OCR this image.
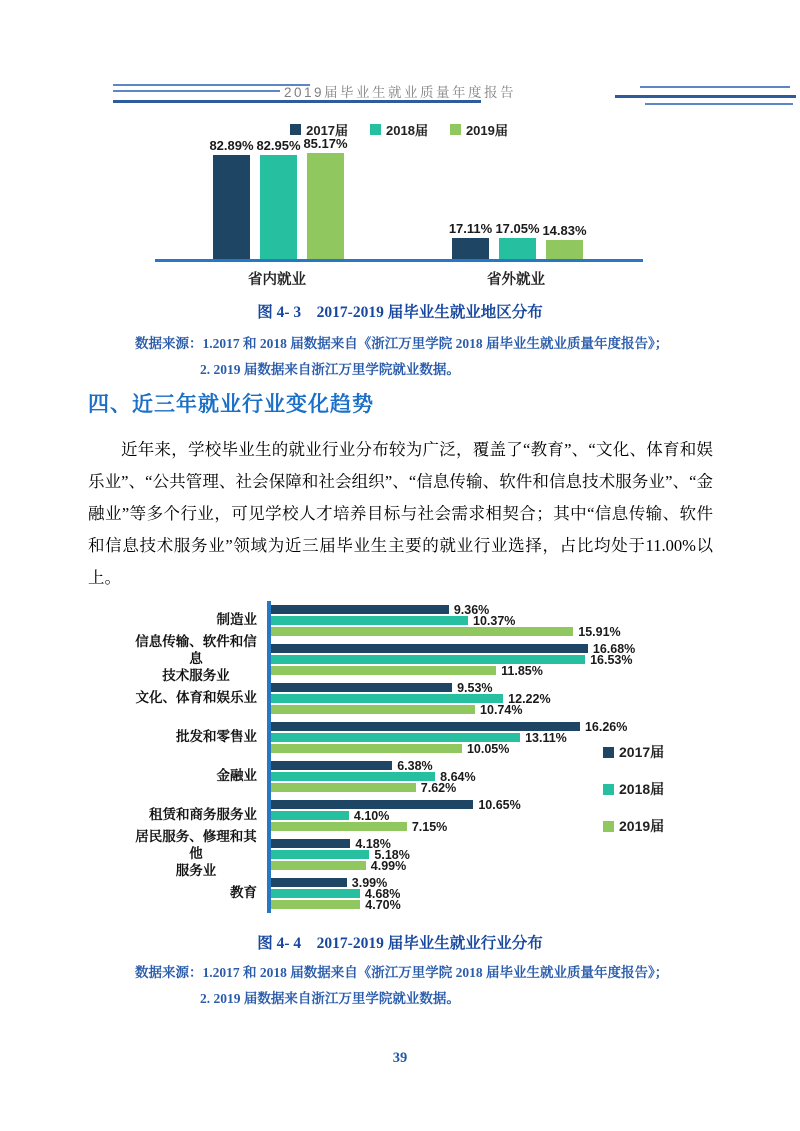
2019届毕业生就业质量年度报告
2017届	2018届	2019届
82.89% 82.95% 85.17%
17.11% 17.05% 14.83%
省内就业	省外就业
图 4- 3　2017-2019 届毕业生就业地区分布
数据来源：1.2017 和 2018 届数据来自《浙江万里学院 2018 届毕业生就业质量年度报告》；
2. 2019 届数据来自浙江万里学院就业数据。
四、近三年就业行业变化趋势
近年来，学校毕业生的就业行业分布较为广泛，覆盖了“教育”、“文化、体育和娱乐业”、“公共管理、社会保障和社会组织”、“信息传输、软件和信息技术服务业”、“金融业”等多个行业，可见学校人才培养目标与社会需求相契合；其中“信息传输、软件和信息技术服务业”领域为近三届毕业生主要的就业行业选择，占比均处于11.00%以上。
制造业
9.36%
10.37%
15.91%
信息传输、软件和信息
技术服务业
16.68%
16.53%
11.85%
文化、体育和娱乐业
9.53%
12.22%
10.74%
批发和零售业
16.26%
13.11%
10.05%
金融业
6.38%
8.64%
7.62%
租赁和商务服务业
10.65%
4.10%
7.15%
居民服务、修理和其他
服务业
4.18%
5.18%
4.99%
教育
3.99%
4.68%
4.70%
2017届
2018届
2019届
图 4- 4　2017-2019 届毕业生就业行业分布
数据来源：1.2017 和 2018 届数据来自《浙江万里学院 2018 届毕业生就业质量年度报告》；
2. 2019 届数据来自浙江万里学院就业数据。
39
